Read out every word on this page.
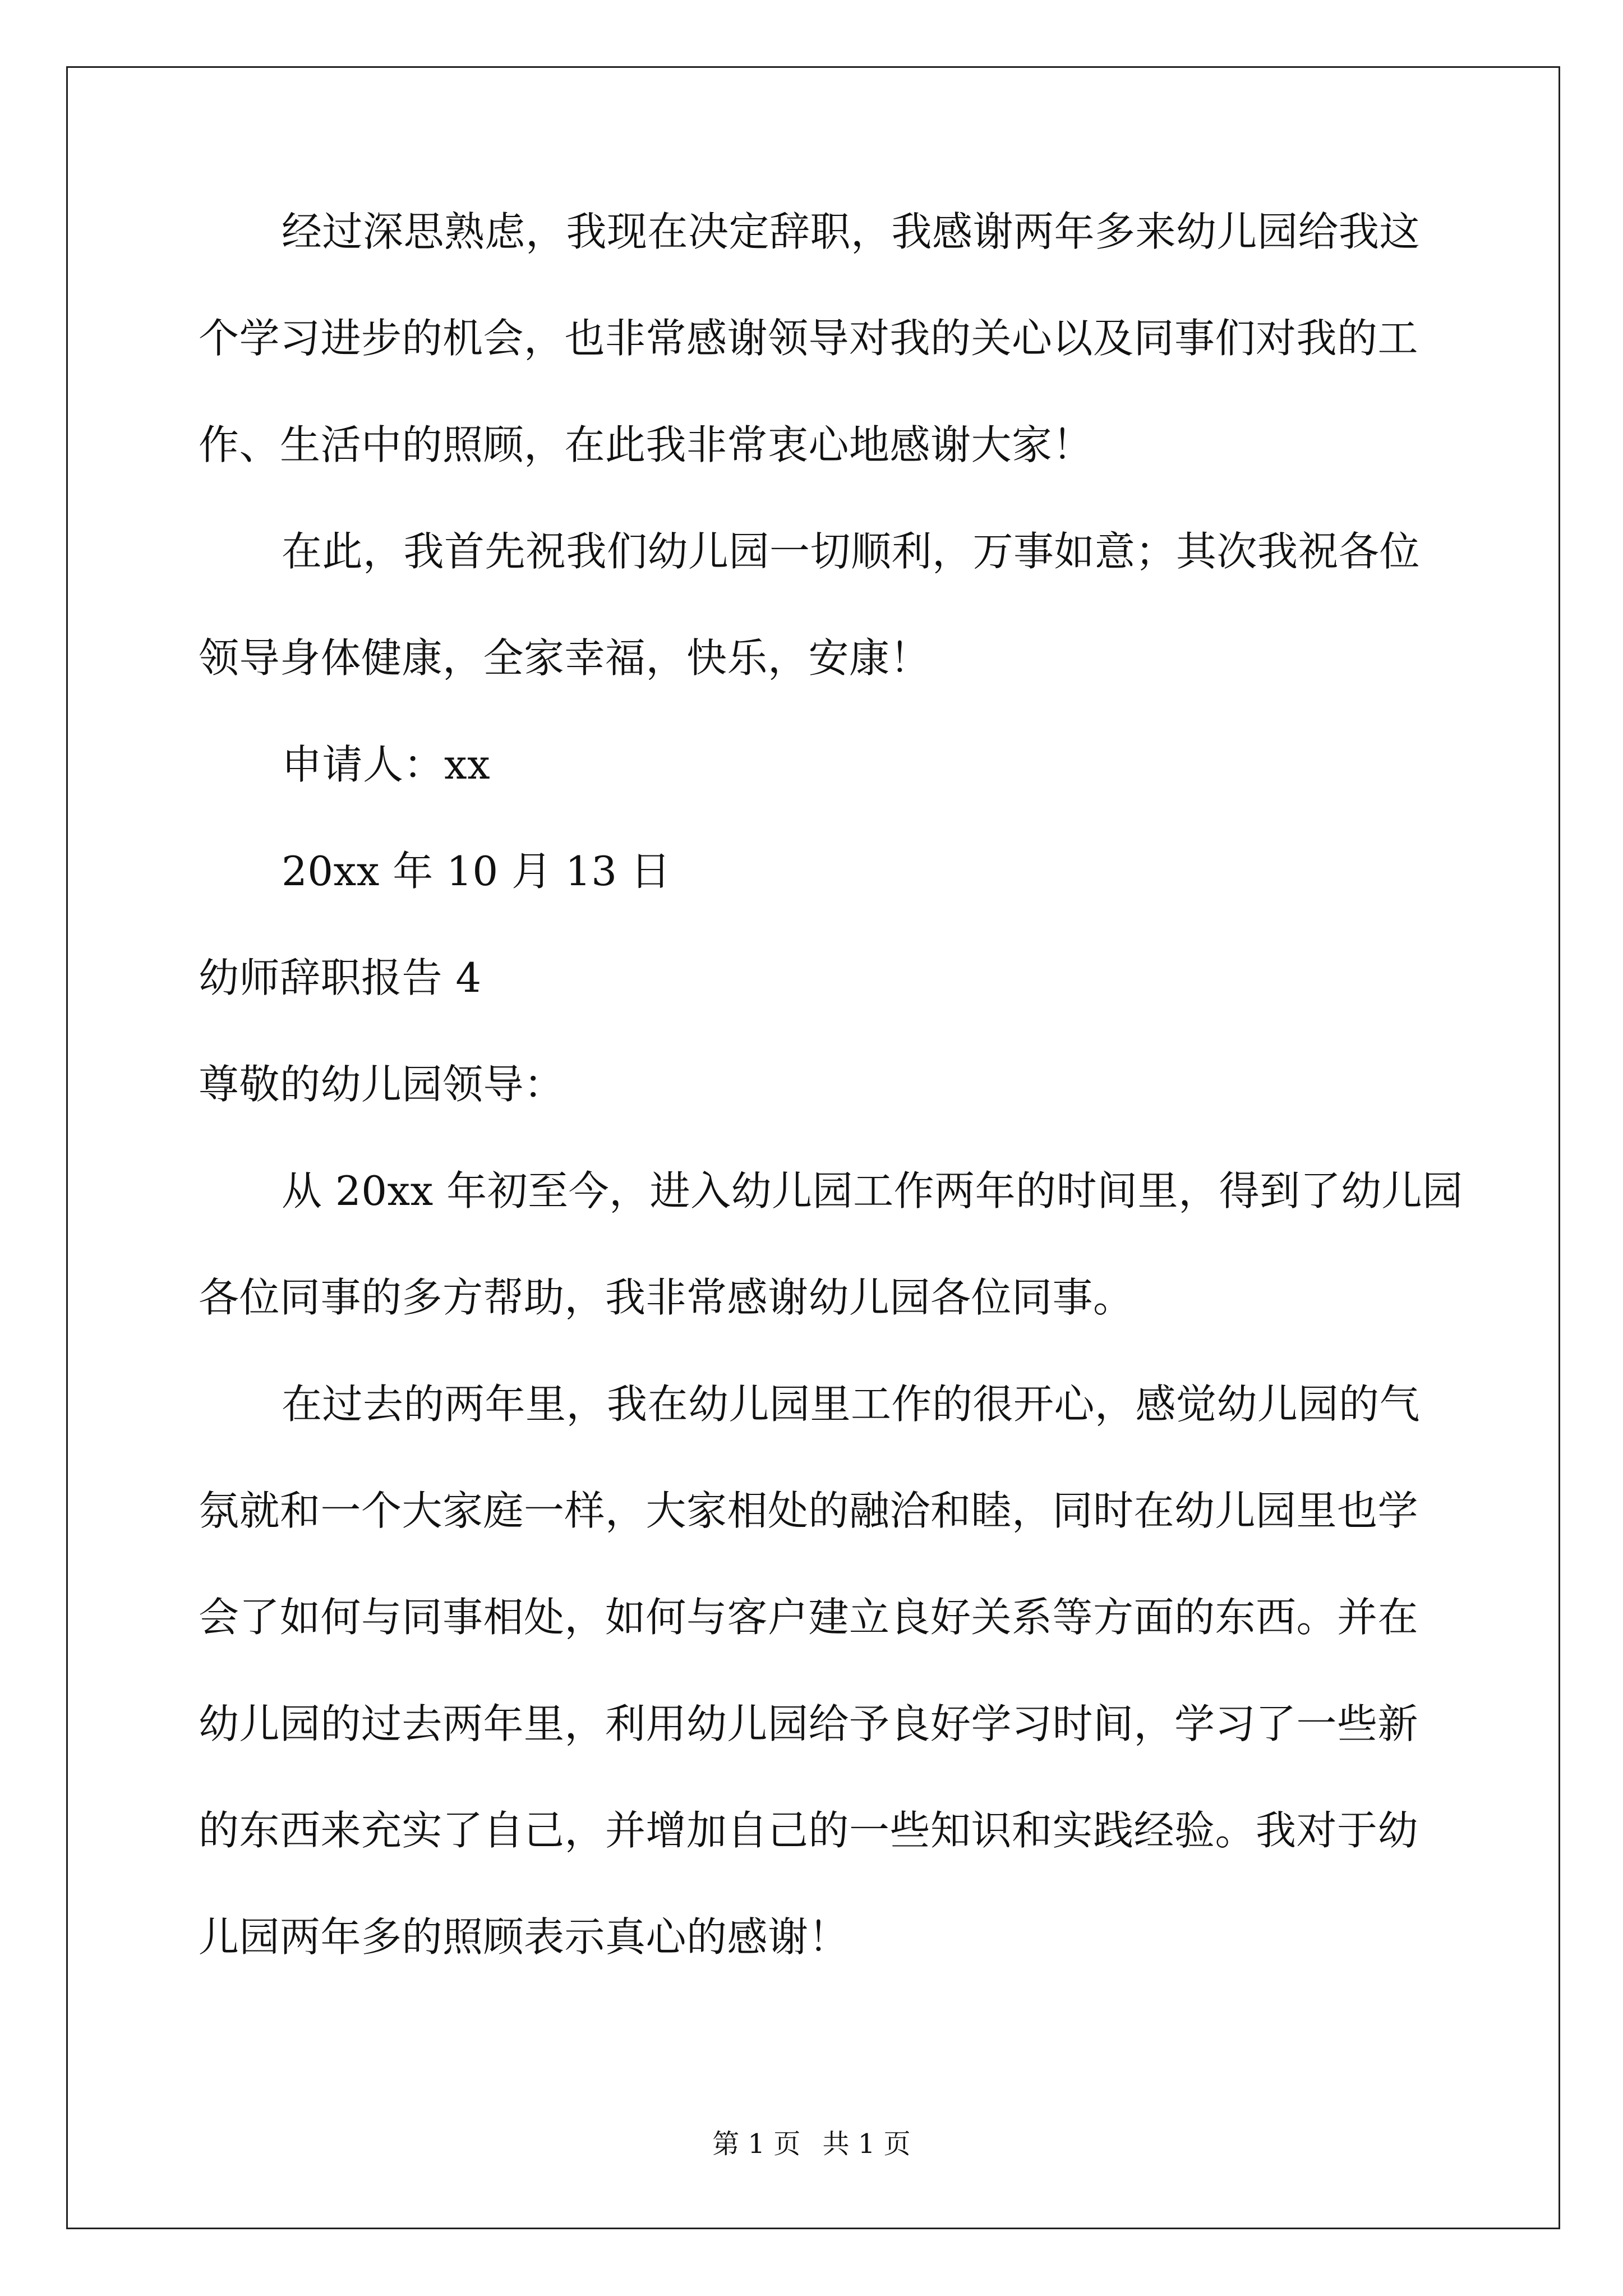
经过深思熟虑，我现在决定辞职，我感谢两年多来幼儿园给我这
个学习进步的机会，也非常感谢领导对我的关心以及同事们对我的工
作、生活中的照顾，在此我非常衷心地感谢大家！
在此，我首先祝我们幼儿园一切顺利，万事如意；其次我祝各位
领导身体健康，全家幸福，快乐，安康！
申请人：xx
20xx 年 10 月 13 日
幼师辞职报告 4
尊敬的幼儿园领导：
从 20xx 年初至今，进入幼儿园工作两年的时间里，得到了幼儿园
各位同事的多方帮助，我非常感谢幼儿园各位同事。
在过去的两年里，我在幼儿园里工作的很开心，感觉幼儿园的气
氛就和一个大家庭一样，大家相处的融洽和睦，同时在幼儿园里也学
会了如何与同事相处，如何与客户建立良好关系等方面的东西。并在
幼儿园的过去两年里，利用幼儿园给予良好学习时间，学习了一些新
的东西来充实了自己，并增加自己的一些知识和实践经验。我对于幼
儿园两年多的照顾表示真心的感谢！
第 1 页 共 1 页
